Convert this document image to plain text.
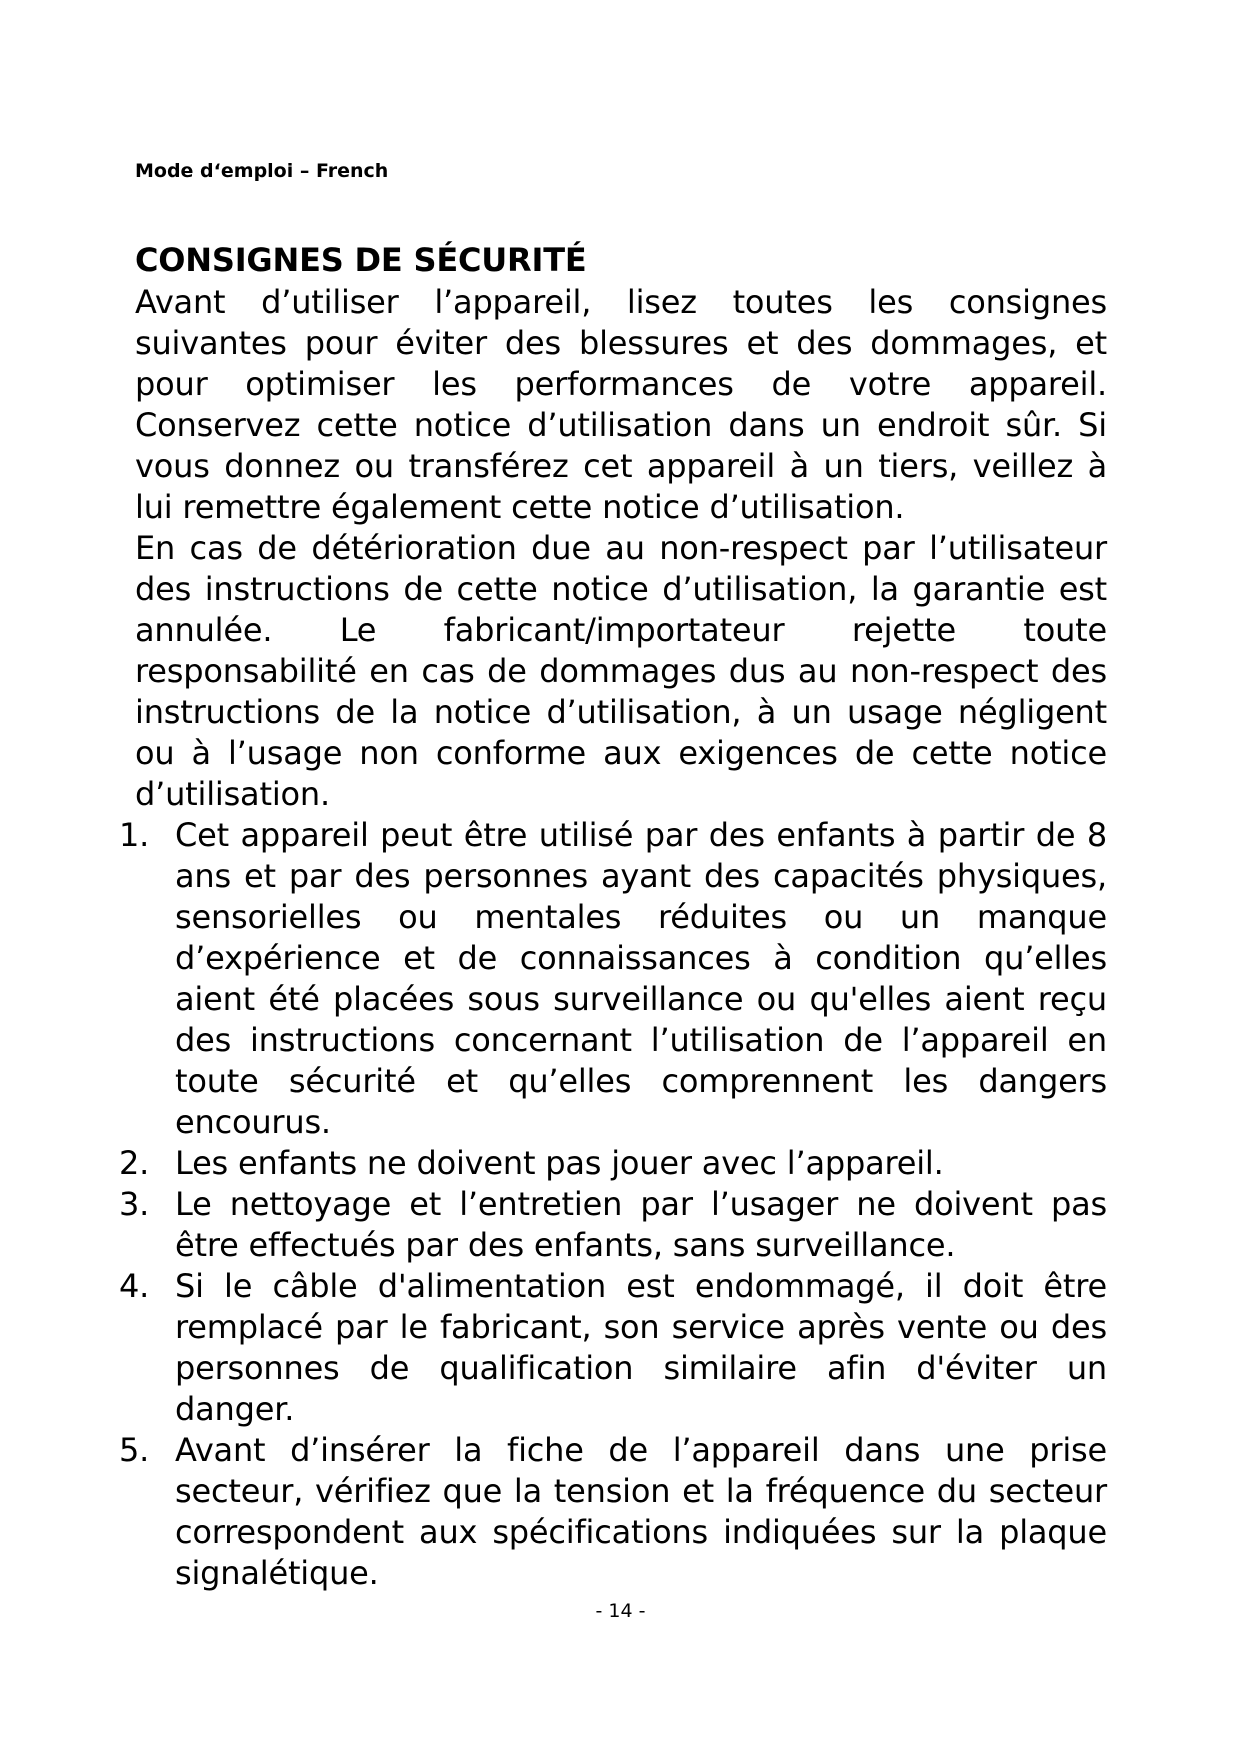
Mode d‘emploi – French
CONSIGNES DE SÉCURITÉ

Avant d’utiliser l’appareil, lisez toutes les consignes suivantes pour éviter des blessures et des dommages, et pour optimiser les performances de votre appareil. Conservez cette notice d’utilisation dans un endroit sûr. Si vous donnez ou transférez cet appareil à un tiers, veillez à lui remettre également cette notice d’utilisation.

En cas de détérioration due au non-respect par l’utilisateur des instructions de cette notice d’utilisation, la garantie est annulée. Le fabricant/importateur rejette toute responsabilité en cas de dommages dus au non-respect des instructions de la notice d’utilisation, à un usage négligent ou à l’usage non conforme aux exigences de cette notice d’utilisation.

1. Cet appareil peut être utilisé par des enfants à partir de 8 ans et par des personnes ayant des capacités physiques, sensorielles ou mentales réduites ou un manque d’expérience et de connaissances à condition qu’elles aient été placées sous surveillance ou qu'elles aient reçu des instructions concernant l’utilisation de l’appareil en toute sécurité et qu’elles comprennent les dangers encourus.
2. Les enfants ne doivent pas jouer avec l’appareil.
3. Le nettoyage et l’entretien par l’usager ne doivent pas être effectués par des enfants, sans surveillance.
4. Si le câble d'alimentation est endommagé, il doit être remplacé par le fabricant, son service après vente ou des personnes de qualification similaire afin d'éviter un danger.
5. Avant d’insérer la fiche de l’appareil dans une prise secteur, vérifiez que la tension et la fréquence du secteur correspondent aux spécifications indiquées sur la plaque signalétique.
- 14 -
